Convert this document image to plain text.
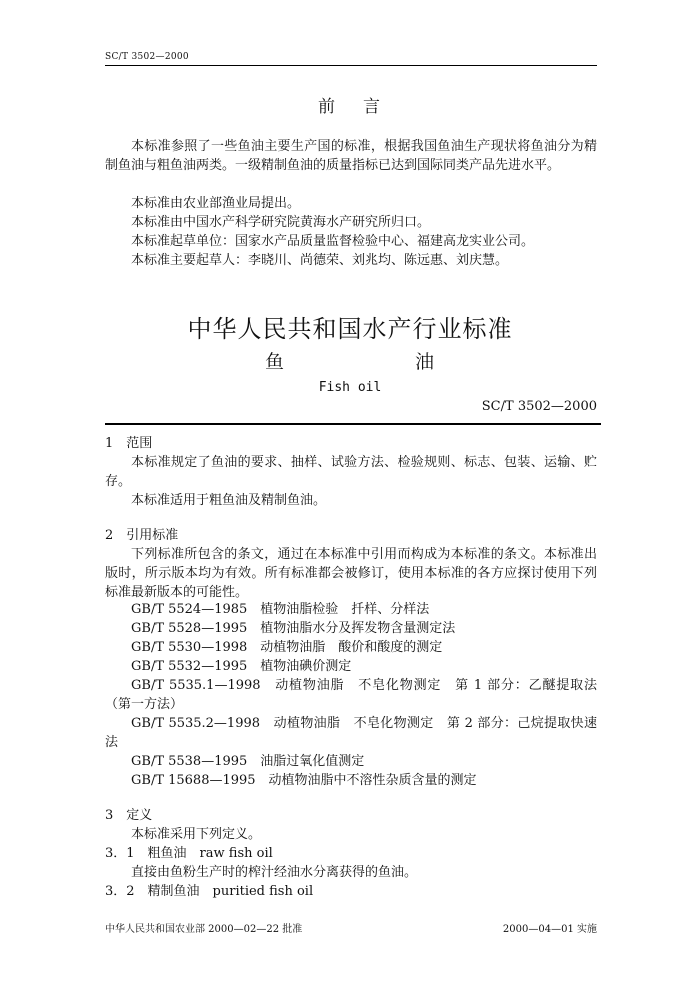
SC/T 3502—2000
前 言
本标准参照了一些鱼油主要生产国的标准，根据我国鱼油生产现状将鱼油分为精制鱼油与粗鱼油两类。一级精制鱼油的质量指标已达到国际同类产品先进水平。
本标准由农业部渔业局提出。
本标准由中国水产科学研究院黄海水产研究所归口。
本标准起草单位：国家水产品质量监督检验中心、福建高龙实业公司。
本标准主要起草人：李晓川、尚德荣、刘兆均、陈远惠、刘庆慧。
中华人民共和国水产行业标准
鱼	油
Fish oil
SC/T 3502—2000
1　范围
本标准规定了鱼油的要求、抽样、试验方法、检验规则、标志、包装、运输、贮存。
本标准适用于粗鱼油及精制鱼油。
2　引用标准
下列标准所包含的条文，通过在本标准中引用而构成为本标准的条文。本标准出版时，所示版本均为有效。所有标准都会被修订，使用本标准的各方应探讨使用下列标准最新版本的可能性。
GB/T 5524—1985　植物油脂检验　扦样、分样法
GB/T 5528—1995　植物油脂水分及挥发物含量测定法
GB/T 5530—1998　动植物油脂　酸价和酸度的测定
GB/T 5532—1995　植物油碘价测定
GB/T 5535.1—1998　动植物油脂　不皂化物测定　第 1 部分：乙醚提取法（第一方法）
GB/T 5535.2—1998　动植物油脂　不皂化物测定　第 2 部分：己烷提取快速法
GB/T 5538—1995　油脂过氧化值测定
GB/T 15688—1995　动植物油脂中不溶性杂质含量的测定
3　定义
本标准采用下列定义。
3．1　粗鱼油　raw fish oil
直接由鱼粉生产时的榨汁经油水分离获得的鱼油。
3．2　精制鱼油　puritied fish oil
中华人民共和国农业部 2000—02—22 批准	2000—04—01 实施
